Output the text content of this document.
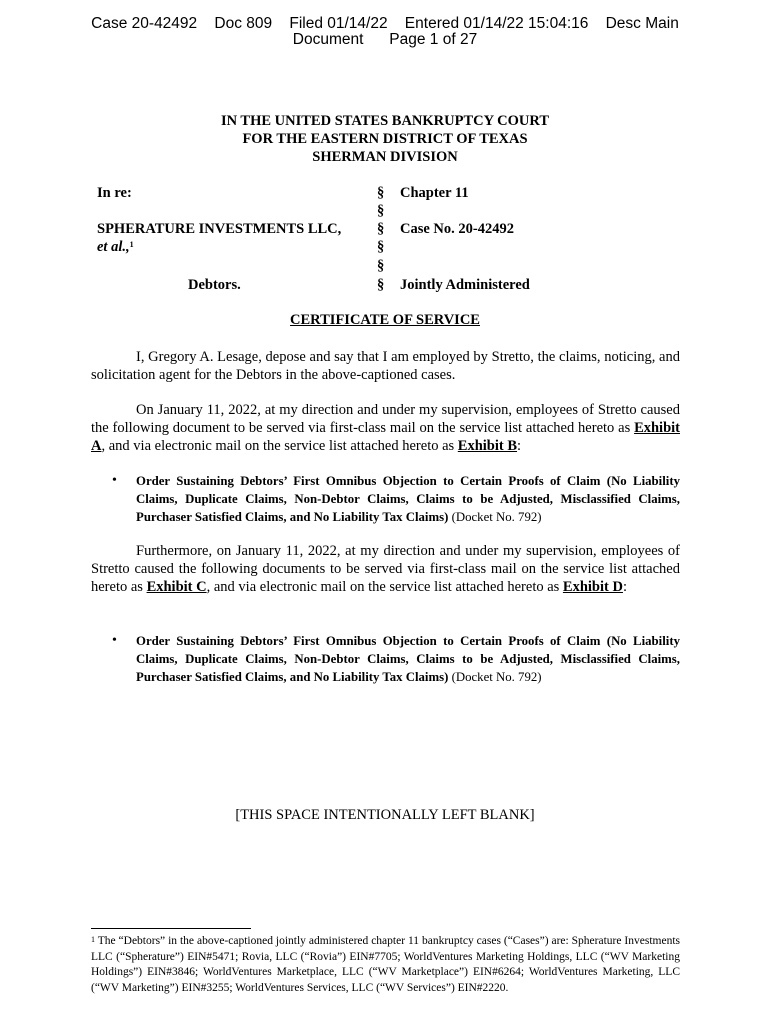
Case 20-42492    Doc 809    Filed 01/14/22    Entered 01/14/22 15:04:16    Desc Main
Document      Page 1 of 27
IN THE UNITED STATES BANKRUPTCY COURT
FOR THE EASTERN DISTRICT OF TEXAS
SHERMAN DIVISION
In re:
SPHERATURE INVESTMENTS LLC,
et al.,$^1$
Debtors.
§
§
§
§
§
§
Chapter 11
Case No. 20-42492
Jointly Administered
CERTIFICATE OF SERVICE

I, Gregory A. Lesage, depose and say that I am employed by Stretto, the claims, noticing, and solicitation agent for the Debtors in the above-captioned cases.

On January 11, 2022, at my direction and under my supervision, employees of Stretto caused the following document to be served via first-class mail on the service list attached hereto as Exhibit A, and via electronic mail on the service list attached hereto as Exhibit B:

• Order Sustaining Debtors’ First Omnibus Objection to Certain Proofs of Claim (No Liability Claims, Duplicate Claims, Non-Debtor Claims, Claims to be Adjusted, Misclassified Claims, Purchaser Satisfied Claims, and No Liability Tax Claims) (Docket No. 792)

Furthermore, on January 11, 2022, at my direction and under my supervision, employees of Stretto caused the following documents to be served via first-class mail on the service list attached hereto as Exhibit C, and via electronic mail on the service list attached hereto as Exhibit D:

• Order Sustaining Debtors’ First Omnibus Objection to Certain Proofs of Claim (No Liability Claims, Duplicate Claims, Non-Debtor Claims, Claims to be Adjusted, Misclassified Claims, Purchaser Satisfied Claims, and No Liability Tax Claims) (Docket No. 792)

[THIS SPACE INTENTIONALLY LEFT BLANK]

$^1$ The “Debtors” in the above-captioned jointly administered chapter 11 bankruptcy cases (“Cases”) are: Spherature Investments LLC (“Spherature”) EIN#5471; Rovia, LLC (“Rovia”) EIN#7705; WorldVentures Marketing Holdings, LLC (“WV Marketing Holdings”) EIN#3846; WorldVentures Marketplace, LLC (“WV Marketplace”) EIN#6264; WorldVentures Marketing, LLC (“WV Marketing”) EIN#3255; WorldVentures Services, LLC (“WV Services”) EIN#2220.
